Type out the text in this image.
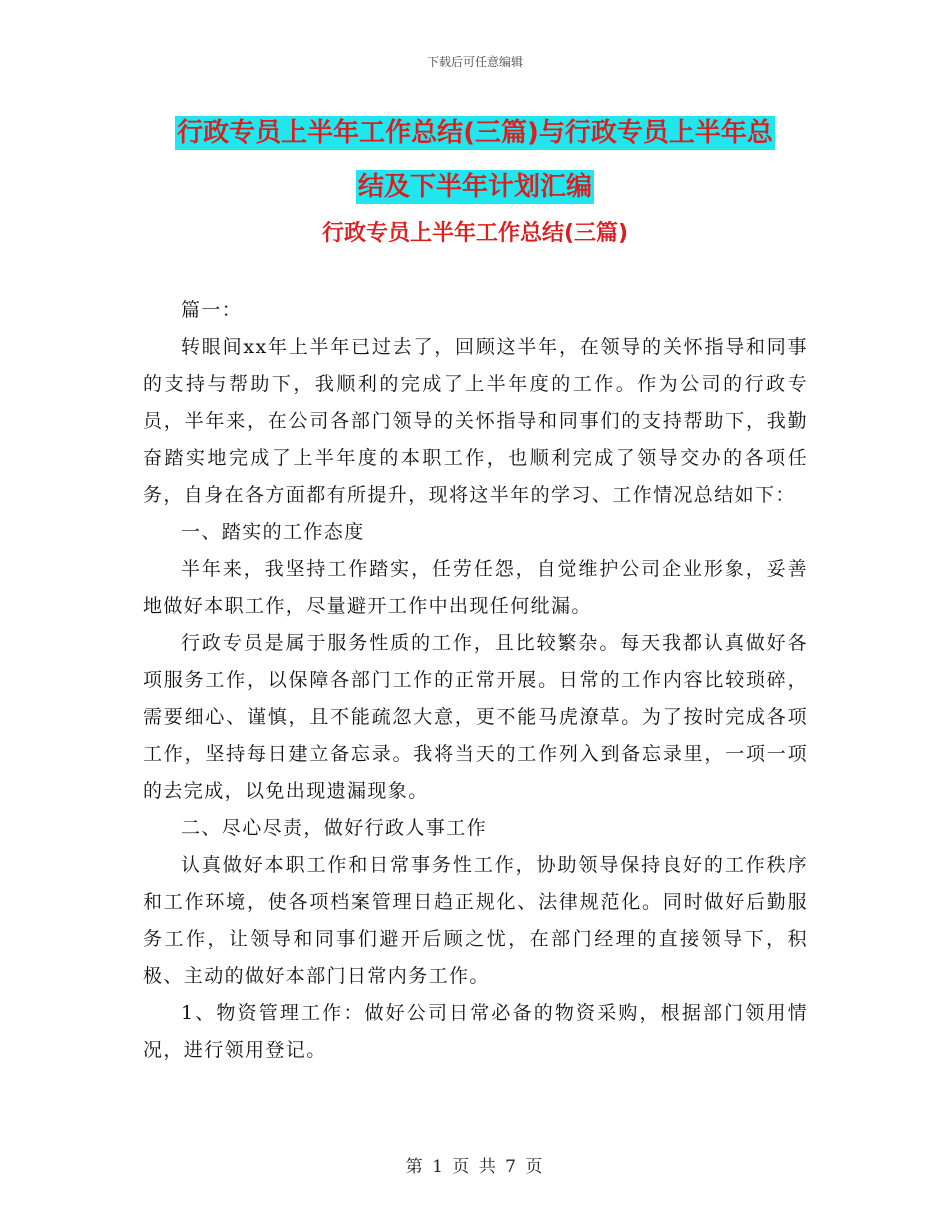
下载后可任意编辑
行政专员上半年工作总结(三篇)与行政专员上半年总
结及下半年计划汇编
行政专员上半年工作总结(三篇)

篇一：

转眼间xx年上半年已过去了，回顾这半年，在领导的关怀指导和同事的支持与帮助下，我顺利的完成了上半年度的工作。作为公司的行政专员，半年来，在公司各部门领导的关怀指导和同事们的支持帮助下，我勤奋踏实地完成了上半年度的本职工作，也顺利完成了领导交办的各项任务，自身在各方面都有所提升，现将这半年的学习、工作情况总结如下：

一、踏实的工作态度

半年来，我坚持工作踏实，任劳任怨，自觉维护公司企业形象，妥善地做好本职工作，尽量避开工作中出现任何纰漏。

行政专员是属于服务性质的工作，且比较繁杂。每天我都认真做好各项服务工作，以保障各部门工作的正常开展。日常的工作内容比较琐碎，需要细心、谨慎，且不能疏忽大意，更不能马虎潦草。为了按时完成各项工作，坚持每日建立备忘录。我将当天的工作列入到备忘录里，一项一项的去完成，以免出现遗漏现象。

二、尽心尽责，做好行政人事工作

认真做好本职工作和日常事务性工作，协助领导保持良好的工作秩序和工作环境，使各项档案管理日趋正规化、法律规范化。同时做好后勤服务工作，让领导和同事们避开后顾之忧，在部门经理的直接领导下，积极、主动的做好本部门日常内务工作。

1、物资管理工作：做好公司日常必备的物资采购，根据部门领用情况，进行领用登记。

第 1 页 共 7 页
